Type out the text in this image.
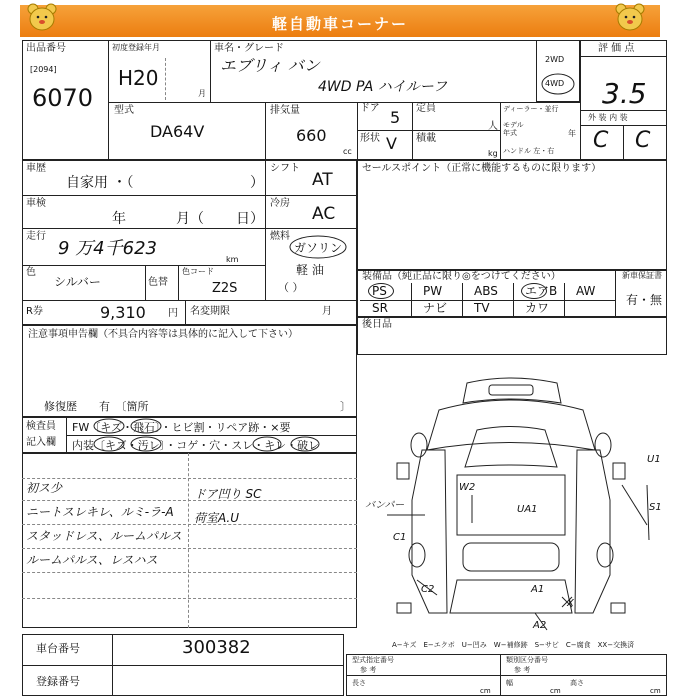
軽自動車コーナー
出品番号
[2094]
6070
初度登録年月
H20
月
車名・グレード
エブリィ バン
4WD PA ハイルーフ
2WD
4WD
評 価 点
3.5
外 装 内 装
C C
型式
DA64V
排気量
660
cc
ドア 5 定員
人
形状 V 積載
kg
ディーラー・並行
モデル
年式	年
ハンドル 左・右
車歴
自家用 ・（	）
シフト
AT
車検
年	月（ 日）
冷房
AC
走行
9 万4千623
km
燃料
ガソリン
軽 油
（ ）
色
シルバー	色替
色コード
Z2S
R券	9,310 円 名変期限	月
セールスポイント（正常に機能するものに限ります）
装備品（純正品に限り◎をつけてください）	新車保証書
有・無
PS	PW	ABS エアB AW
SR	ナビ TV	カワ
後日品
注意事項申告欄（不具合内容等は具体的に記入して下さい）
修復歴　　有　〔箇所	〕
検査員
記入欄
FW〔キズ・飛石〕・ヒビ割・リペア跡・×要
内装〔キズ・汚レ〕・コゲ・穴・スレ・キレ・破レ
初ス少
ニートスレキレ、ルミ-ラ-A
スタッドレス、ルームパルス
ルームパルス、レスハス
ドア凹り SC
荷室A.U
W2
UA1
A1
A2
C1
C2
S1
U1
バンパー
X
A−キズ　E−エクボ　U−凹み　W−補修跡　S−サビ　C−腐食　XX−交換済
車台番号	300382
登録番号
型式指定番号
参 考
類別区分番号
参 考
長さ
cm
幅
cm
高さ
cm
